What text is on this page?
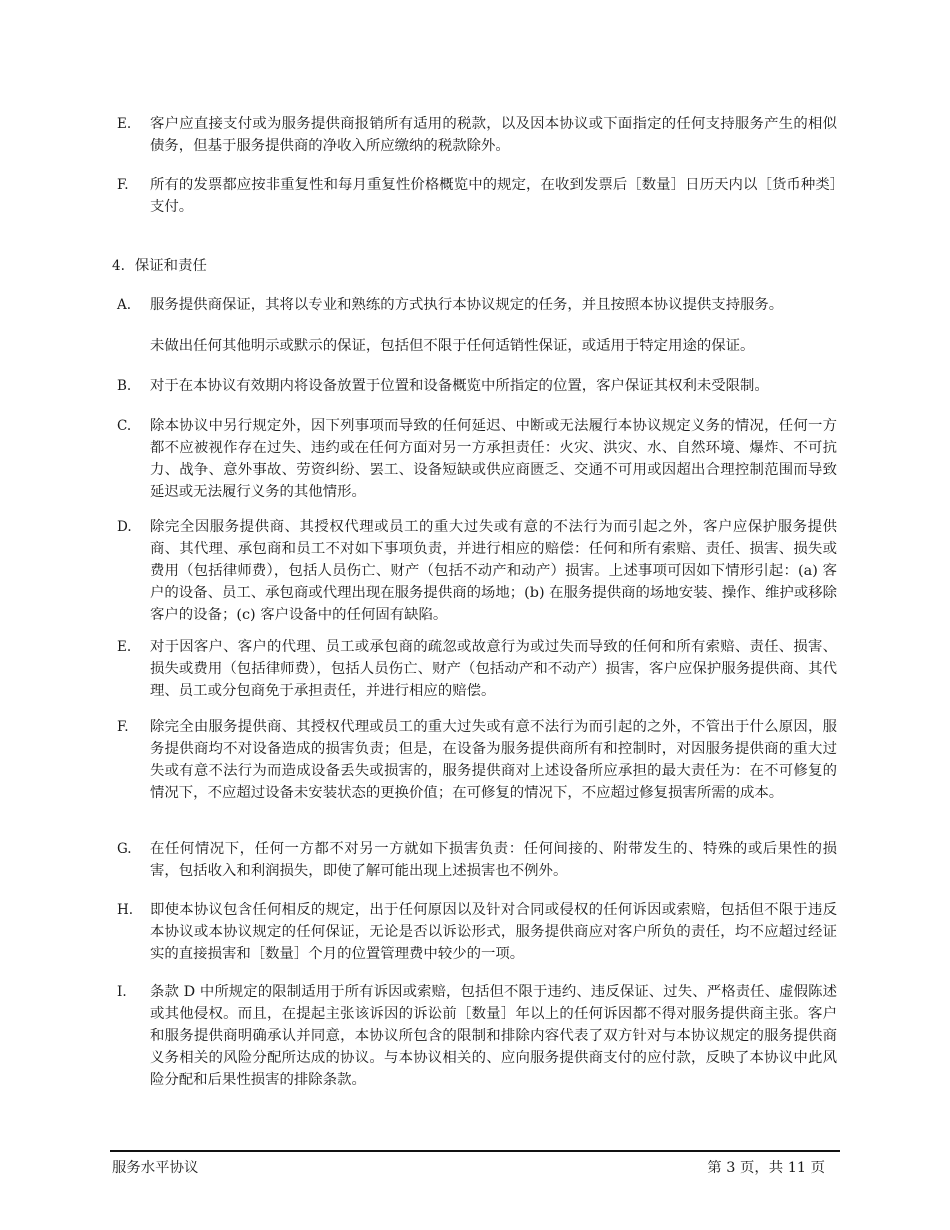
E.	客户应直接支付或为服务提供商报销所有适用的税款，以及因本协议或下面指定的任何支持服务产生的相似债务，但基于服务提供商的净收入所应缴纳的税款除外。
F.	所有的发票都应按非重复性和每月重复性价格概览中的规定，在收到发票后［数量］日历天内以［货币种类］支付。
4. 保证和责任
A.	服务提供商保证，其将以专业和熟练的方式执行本协议规定的任务，并且按照本协议提供支持服务。
未做出任何其他明示或默示的保证，包括但不限于任何适销性保证，或适用于特定用途的保证。
B.	对于在本协议有效期内将设备放置于位置和设备概览中所指定的位置，客户保证其权利未受限制。
C.	除本协议中另行规定外，因下列事项而导致的任何延迟、中断或无法履行本协议规定义务的情况，任何一方都不应被视作存在过失、违约或在任何方面对另一方承担责任：火灾、洪灾、水、自然环境、爆炸、不可抗力、战争、意外事故、劳资纠纷、罢工、设备短缺或供应商匮乏、交通不可用或因超出合理控制范围而导致延迟或无法履行义务的其他情形。
D.	除完全因服务提供商、其授权代理或员工的重大过失或有意的不法行为而引起之外，客户应保护服务提供商、其代理、承包商和员工不对如下事项负责，并进行相应的赔偿：任何和所有索赔、责任、损害、损失或费用（包括律师费），包括人员伤亡、财产（包括不动产和动产）损害。上述事项可因如下情形引起：(a) 客户的设备、员工、承包商或代理出现在服务提供商的场地；(b) 在服务提供商的场地安装、操作、维护或移除客户的设备；(c) 客户设备中的任何固有缺陷。
E.	对于因客户、客户的代理、员工或承包商的疏忽或故意行为或过失而导致的任何和所有索赔、责任、损害、损失或费用（包括律师费），包括人员伤亡、财产（包括动产和不动产）损害，客户应保护服务提供商、其代理、员工或分包商免于承担责任，并进行相应的赔偿。
F.	除完全由服务提供商、其授权代理或员工的重大过失或有意不法行为而引起的之外，不管出于什么原因，服务提供商均不对设备造成的损害负责；但是，在设备为服务提供商所有和控制时，对因服务提供商的重大过失或有意不法行为而造成设备丢失或损害的，服务提供商对上述设备所应承担的最大责任为：在不可修复的情况下，不应超过设备未安装状态的更换价值；在可修复的情况下，不应超过修复损害所需的成本。
G.	在任何情况下，任何一方都不对另一方就如下损害负责：任何间接的、附带发生的、特殊的或后果性的损害，包括收入和利润损失，即使了解可能出现上述损害也不例外。
H.	即使本协议包含任何相反的规定，出于任何原因以及针对合同或侵权的任何诉因或索赔，包括但不限于违反本协议或本协议规定的任何保证，无论是否以诉讼形式，服务提供商应对客户所负的责任，均不应超过经证实的直接损害和［数量］个月的位置管理费中较少的一项。
I.	条款 D 中所规定的限制适用于所有诉因或索赔，包括但不限于违约、违反保证、过失、严格责任、虚假陈述或其他侵权。而且，在提起主张该诉因的诉讼前［数量］年以上的任何诉因都不得对服务提供商主张。客户和服务提供商明确承认并同意，本协议所包含的限制和排除内容代表了双方针对与本协议规定的服务提供商义务相关的风险分配所达成的协议。与本协议相关的、应向服务提供商支付的应付款，反映了本协议中此风险分配和后果性损害的排除条款。
服务水平协议	第 3 页，共 11 页
